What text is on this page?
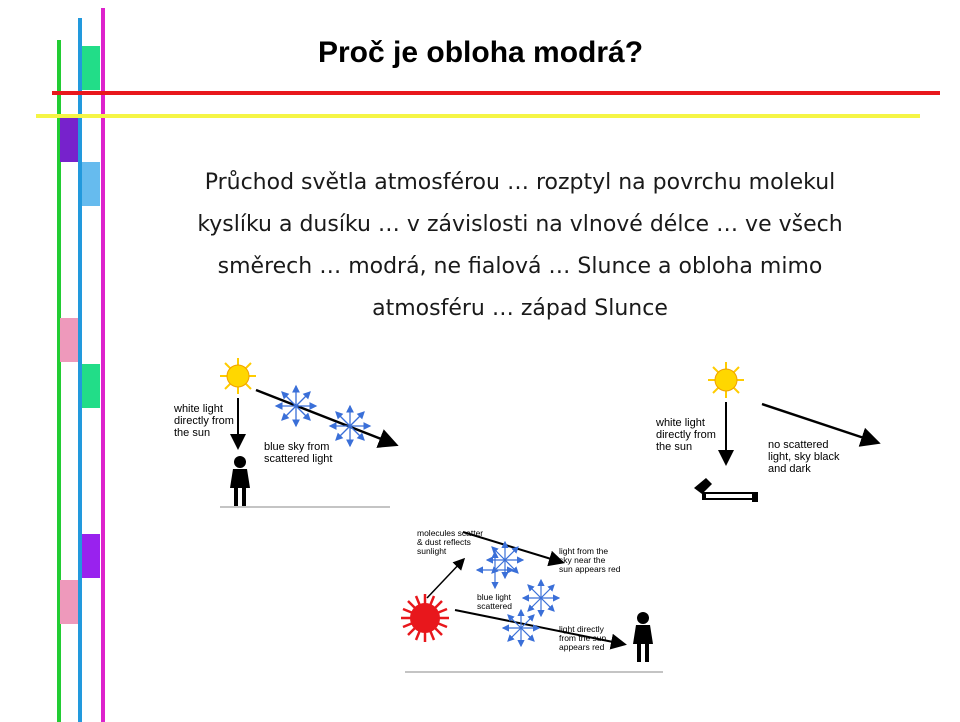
Proč je obloha modrá?
Průchod světla atmosférou … rozptyl na povrchu molekul
kyslíku a dusíku … v závislosti na vlnové délce … ve všech
směrech … modrá, ne fialová … Slunce a obloha mimo
atmosféru … západ Slunce
white light directly from the sun blue sky from scattered light
white light directly from the sun	no scattered light, sky black and dark
molecules scatter & dust reflects sunlight	light from the sky near the sun appears red blue light scattered light directly from the sun appears red
